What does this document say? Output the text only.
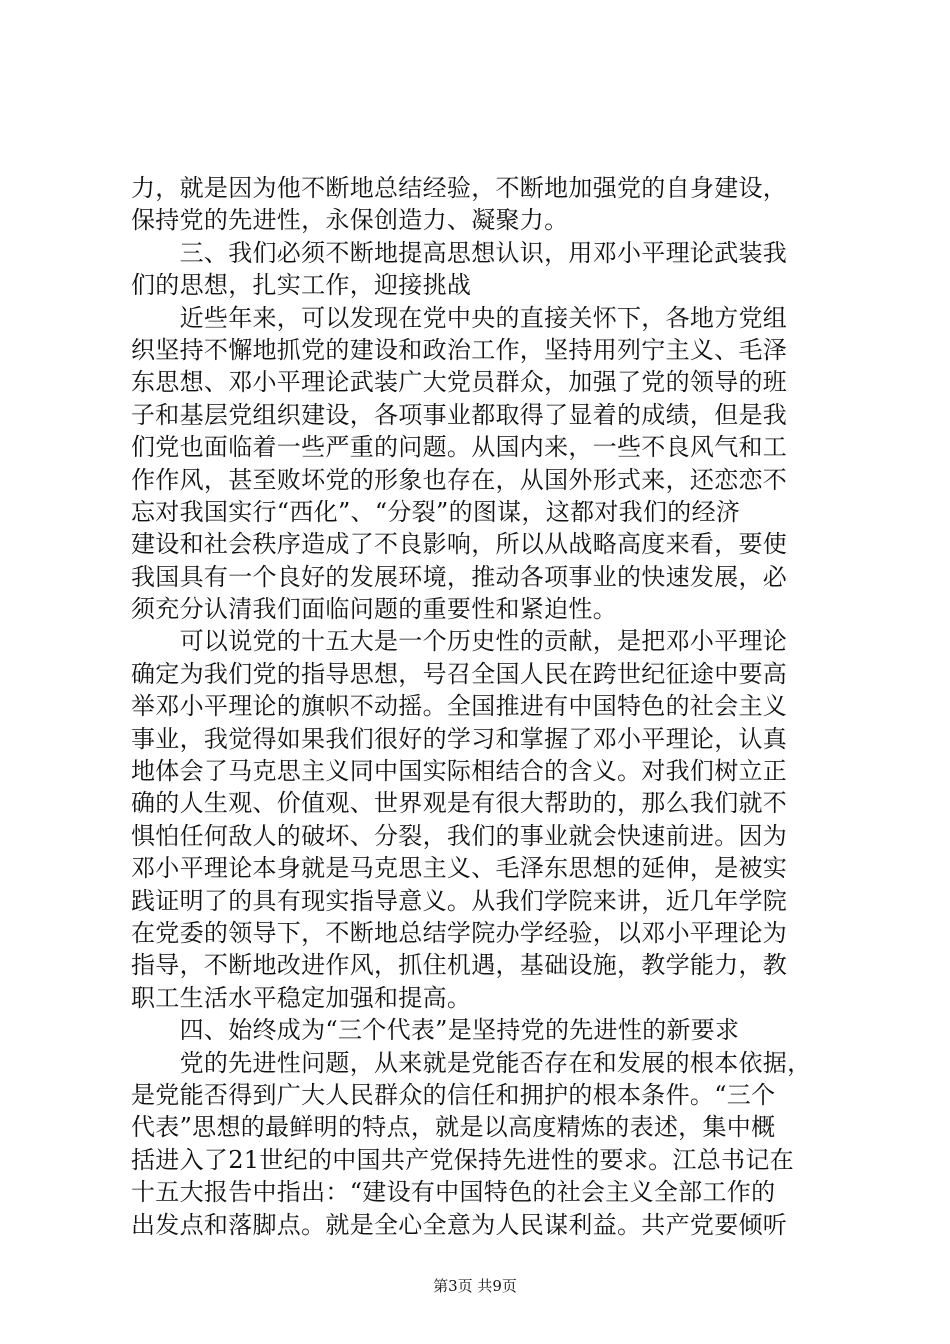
力，就是因为他不断地总结经验，不断地加强党的自身建设，
保持党的先进性，永保创造力、凝聚力。
　　三、我们必须不断地提高思想认识，用邓小平理论武装我
们的思想，扎实工作，迎接挑战
　　近些年来，可以发现在党中央的直接关怀下，各地方党组
织坚持不懈地抓党的建设和政治工作，坚持用列宁主义、毛泽
东思想、邓小平理论武装广大党员群众，加强了党的领导的班
子和基层党组织建设，各项事业都取得了显着的成绩，但是我
们党也面临着一些严重的问题。从国内来，一些不良风气和工
作作风，甚至败坏党的形象也存在，从国外形式来，还恋恋不
忘对我国实行“西化”、“分裂”的图谋，这都对我们的经济
建设和社会秩序造成了不良影响，所以从战略高度来看，要使
我国具有一个良好的发展环境，推动各项事业的快速发展，必
须充分认清我们面临问题的重要性和紧迫性。
　　可以说党的十五大是一个历史性的贡献，是把邓小平理论
确定为我们党的指导思想，号召全国人民在跨世纪征途中要高
举邓小平理论的旗帜不动摇。全国推进有中国特色的社会主义
事业，我觉得如果我们很好的学习和掌握了邓小平理论，认真
地体会了马克思主义同中国实际相结合的含义。对我们树立正
确的人生观、价值观、世界观是有很大帮助的，那么我们就不
惧怕任何敌人的破坏、分裂，我们的事业就会快速前进。因为
邓小平理论本身就是马克思主义、毛泽东思想的延伸，是被实
践证明了的具有现实指导意义。从我们学院来讲，近几年学院
在党委的领导下，不断地总结学院办学经验，以邓小平理论为
指导，不断地改进作风，抓住机遇，基础设施，教学能力，教
职工生活水平稳定加强和提高。
　　四、始终成为“三个代表”是坚持党的先进性的新要求
　　党的先进性问题，从来就是党能否存在和发展的根本依据，
是党能否得到广大人民群众的信任和拥护的根本条件。“三个
代表”思想的最鲜明的特点，就是以高度精炼的表述，集中概
括进入了21世纪的中国共产党保持先进性的要求。江总书记在
十五大报告中指出：“建设有中国特色的社会主义全部工作的
出发点和落脚点。就是全心全意为人民谋利益。共产党要倾听
第3页 共9页
